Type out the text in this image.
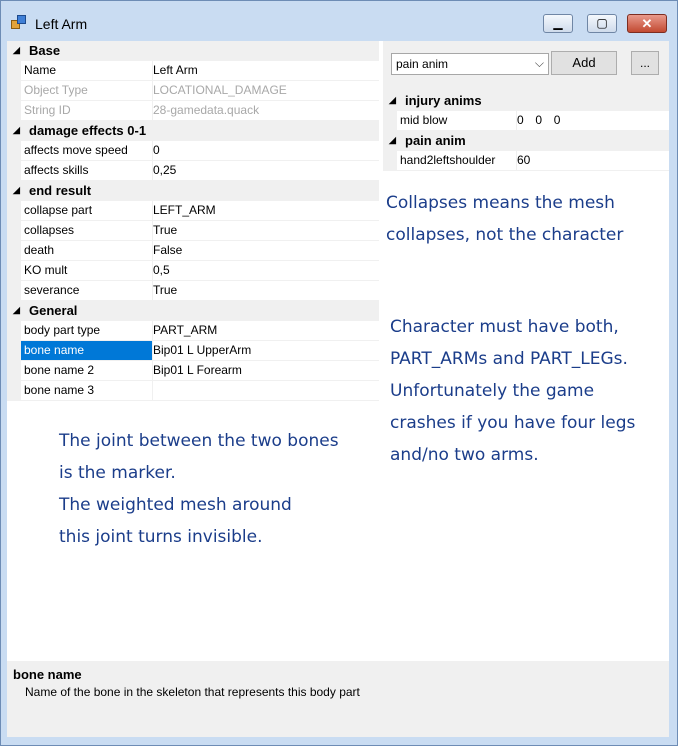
Left Arm	▁	▢	✕
◢ Base
Name	Left Arm
Object Type	LOCATIONAL_DAMAGE
String ID	28-gamedata.quack
◢ damage effects 0-1
affects move speed	0
affects skills	0,25
◢ end result
collapse part	LEFT_ARM
collapses	True
death	False
KO mult	0,5
severance	True
◢ General
body part type	PART_ARM
bone name	Bip01 L UpperArm
bone name 2	Bip01 L Forearm
bone name 3
The joint between the two bones
is the marker.
The weighted mesh around
this joint turns invisible.
pain anim	⌵	Add	...
◢ injury anims
mid blow	0 0 0
◢ pain anim
hand2leftshoulder	60
Collapses means the mesh
collapses, not the character
Character must have both,
PART_ARMs and PART_LEGs.
Unfortunately the game
crashes if you have four legs
and/no two arms.
bone name
Name of the bone in the skeleton that represents this body part
